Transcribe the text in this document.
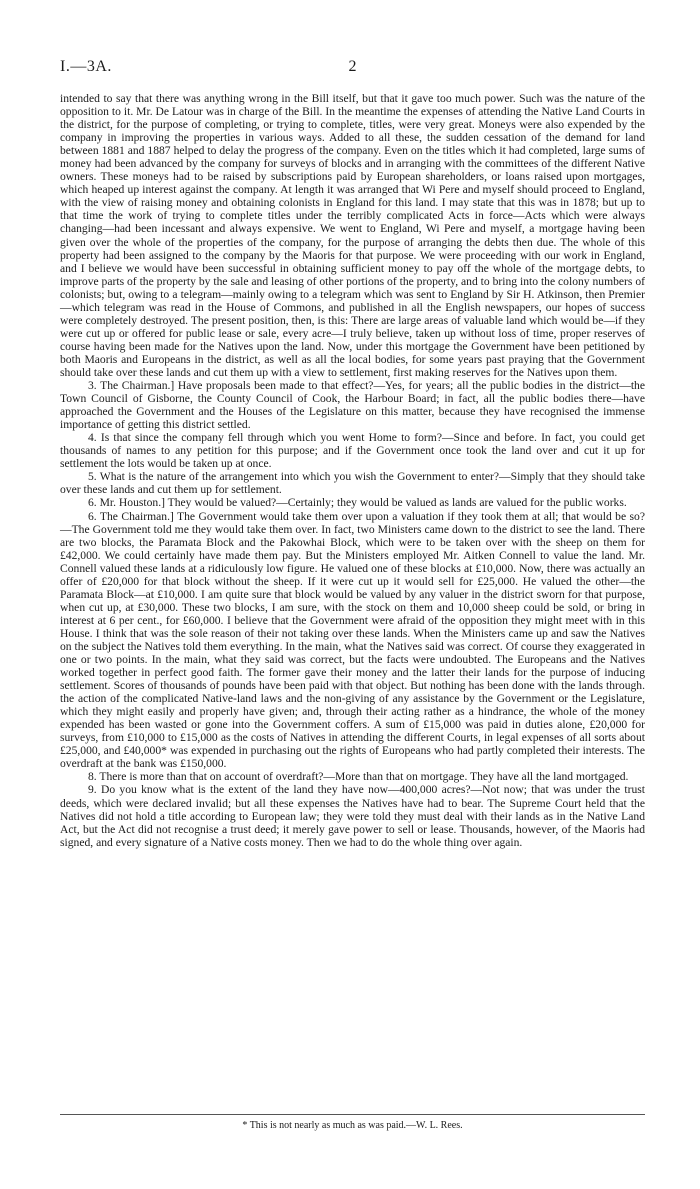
I.—3A.	2

intended to say that there was anything wrong in the Bill itself, but that it gave too much power. Such was the nature of the opposition to it. Mr. De Latour was in charge of the Bill. In the meantime the expenses of attending the Native Land Courts in the district, for the purpose of completing, or trying to complete, titles, were very great. Moneys were also expended by the company in improving the properties in various ways. Added to all these, the sudden cessation of the demand for land between 1881 and 1887 helped to delay the progress of the company. Even on the titles which it had completed, large sums of money had been advanced by the company for surveys of blocks and in arranging with the committees of the different Native owners. These moneys had to be raised by subscriptions paid by European shareholders, or loans raised upon mortgages, which heaped up interest against the company. At length it was arranged that Wi Pere and myself should proceed to England, with the view of raising money and obtaining colonists in England for this land. I may state that this was in 1878; but up to that time the work of trying to complete titles under the terribly complicated Acts in force—Acts which were always changing—had been incessant and always expensive. We went to England, Wi Pere and myself, a mortgage having been given over the whole of the properties of the company, for the purpose of arranging the debts then due. The whole of this property had been assigned to the company by the Maoris for that purpose. We were proceeding with our work in England, and I believe we would have been successful in obtaining sufficient money to pay off the whole of the mortgage debts, to improve parts of the property by the sale and leasing of other portions of the property, and to bring into the colony numbers of colonists; but, owing to a telegram—mainly owing to a telegram which was sent to England by Sir H. Atkinson, then Premier—which telegram was read in the House of Commons, and published in all the English newspapers, our hopes of success were completely destroyed. The present position, then, is this: There are large areas of valuable land which would be—if they were cut up or offered for public lease or sale, every acre—I truly believe, taken up without loss of time, proper reserves of course having been made for the Natives upon the land. Now, under this mortgage the Government have been petitioned by both Maoris and Europeans in the district, as well as all the local bodies, for some years past praying that the Government should take over these lands and cut them up with a view to settlement, first making reserves for the Natives upon them.

3. The Chairman.] Have proposals been made to that effect?—Yes, for years; all the public bodies in the district—the Town Council of Gisborne, the County Council of Cook, the Harbour Board; in fact, all the public bodies there—have approached the Government and the Houses of the Legislature on this matter, because they have recognised the immense importance of getting this district settled.

4. Is that since the company fell through which you went Home to form?—Since and before. In fact, you could get thousands of names to any petition for this purpose; and if the Government once took the land over and cut it up for settlement the lots would be taken up at once.

5. What is the nature of the arrangement into which you wish the Government to enter?—Simply that they should take over these lands and cut them up for settlement.

6. Mr. Houston.] They would be valued?—Certainly; they would be valued as lands are valued for the public works.

6. The Chairman.] The Government would take them over upon a valuation if they took them at all; that would be so?—The Government told me they would take them over. In fact, two Ministers came down to the district to see the land. There are two blocks, the Paramata Block and the Pakowhai Block, which were to be taken over with the sheep on them for £42,000. We could certainly have made them pay. But the Ministers employed Mr. Aitken Connell to value the land. Mr. Connell valued these lands at a ridiculously low figure. He valued one of these blocks at £10,000. Now, there was actually an offer of £20,000 for that block without the sheep. If it were cut up it would sell for £25,000. He valued the other—the Paramata Block—at £10,000. I am quite sure that block would be valued by any valuer in the district sworn for that purpose, when cut up, at £30,000. These two blocks, I am sure, with the stock on them and 10,000 sheep could be sold, or bring in interest at 6 per cent., for £60,000. I believe that the Government were afraid of the opposition they might meet with in this House. I think that was the sole reason of their not taking over these lands. When the Ministers came up and saw the Natives on the subject the Natives told them everything. In the main, what the Natives said was correct. Of course they exaggerated in one or two points. In the main, what they said was correct, but the facts were undoubted. The Europeans and the Natives worked together in perfect good faith. The former gave their money and the latter their lands for the purpose of inducing settlement. Scores of thousands of pounds have been paid with that object. But nothing has been done with the lands through. the action of the complicated Native-land laws and the non-giving of any assistance by the Government or the Legislature, which they might easily and properly have given; and, through their acting rather as a hindrance, the whole of the money expended has been wasted or gone into the Government coffers. A sum of £15,000 was paid in duties alone, £20,000 for surveys, from £10,000 to £15,000 as the costs of Natives in attending the different Courts, in legal expenses of all sorts about £25,000, and £40,000* was expended in purchasing out the rights of Europeans who had partly completed their interests. The overdraft at the bank was £150,000.

8. There is more than that on account of overdraft?—More than that on mortgage. They have all the land mortgaged.

9. Do you know what is the extent of the land they have now—400,000 acres?—Not now; that was under the trust deeds, which were declared invalid; but all these expenses the Natives have had to bear. The Supreme Court held that the Natives did not hold a title according to European law; they were told they must deal with their lands as in the Native Land Act, but the Act did not recognise a trust deed; it merely gave power to sell or lease. Thousands, however, of the Maoris had signed, and every signature of a Native costs money. Then we had to do the whole thing over again.

* This is not nearly as much as was paid.—W. L. Rees.
